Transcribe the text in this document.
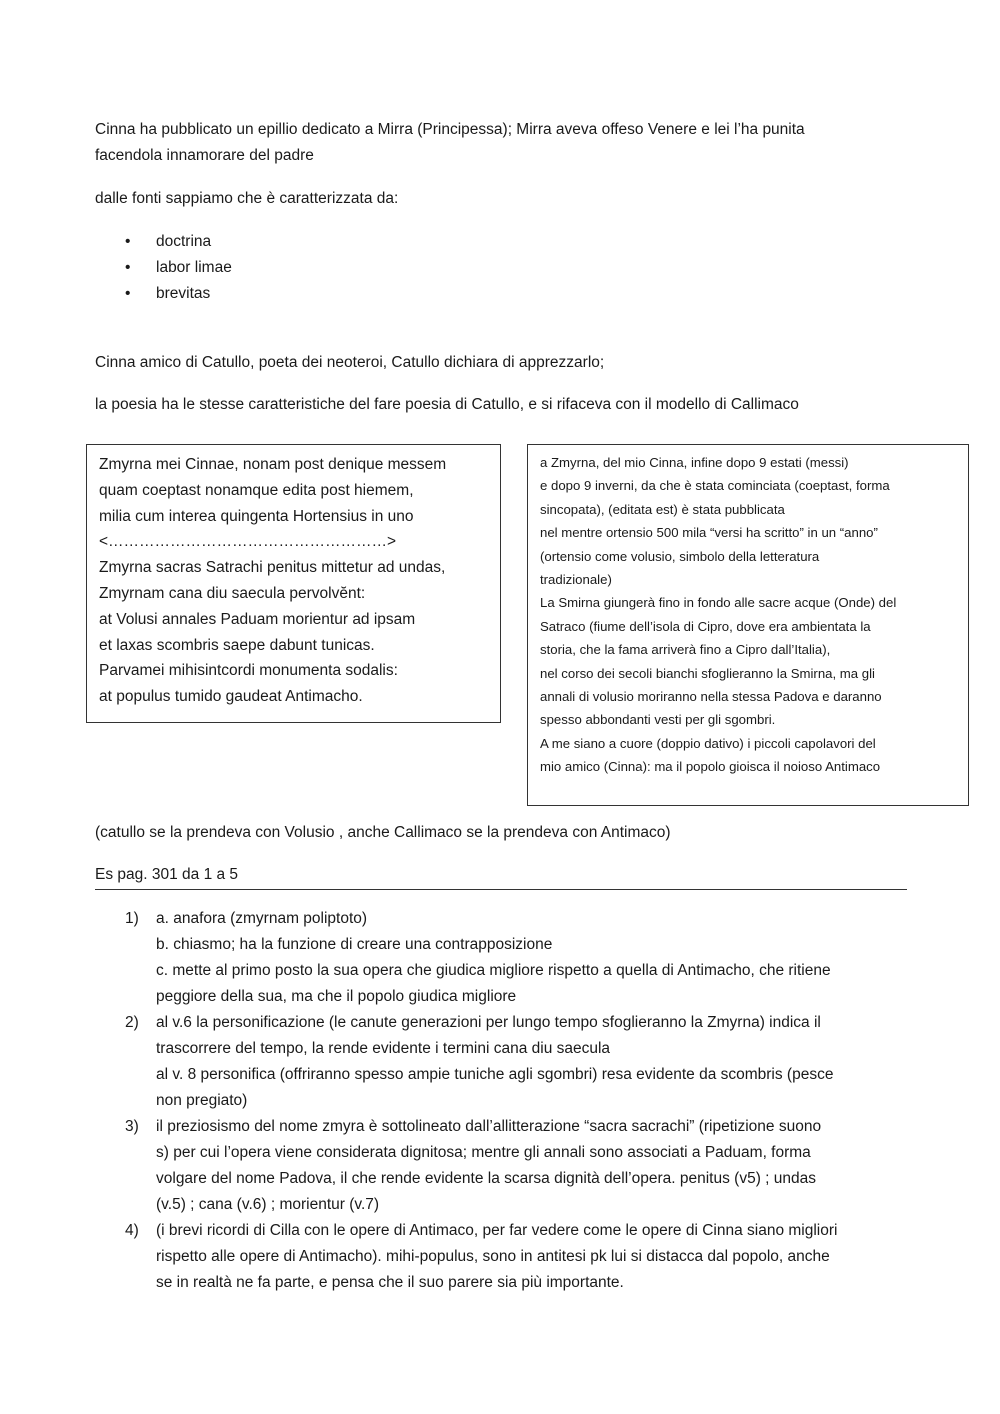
Cinna ha pubblicato un epillio dedicato a Mirra (Principessa); Mirra aveva offeso Venere e lei l’ha punita
facendola innamorare del padre

dalle fonti sappiamo che è caratterizzata da:

• doctrina
• labor limae
• brevitas

Cinna amico di Catullo, poeta dei neoteroi, Catullo dichiara di apprezzarlo;

la poesia ha le stesse caratteristiche del fare poesia di Catullo, e si rifaceva con il modello di Callimaco

Zmyrna mei Cinnae, nonam post denique messem
quam coeptast nonamque edita post hiemem,
milia cum interea quingenta Hortensius in uno
<………………………………………………>
Zmyrna sacras Satrachi penitus mittetur ad undas,
Zmyrnam cana diu saecula pervolvĕnt:
at Volusi annales Paduam morientur ad ipsam
et laxas scombris saepe dabunt tunicas.
Parvamei mihisintcordi monumenta sodalis:
at populus tumido gaudeat Antimacho.
a Zmyrna, del mio Cinna, infine dopo 9 estati (messi)
e dopo 9 inverni, da che è stata cominciata (coeptast, forma
sincopata), (editata est) è stata pubblicata
nel mentre ortensio 500 mila “versi ha scritto” in un “anno”
(ortensio come volusio, simbolo della letteratura
tradizionale)
La Smirna giungerà fino in fondo alle sacre acque (Onde) del
Satraco (fiume dell’isola di Cipro, dove era ambientata la
storia, che la fama arriverà fino a Cipro dall’Italia),
nel corso dei secoli bianchi sfoglieranno la Smirna, ma gli
annali di volusio moriranno nella stessa Padova e daranno
spesso abbondanti vesti per gli sgombri.
A me siano a cuore (doppio dativo) i piccoli capolavori del
mio amico (Cinna): ma il popolo gioisca il noioso Antimaco

(catullo se la prendeva con Volusio , anche Callimaco se la prendeva con Antimaco)

Es pag. 301 da 1 a 5

1) a. anafora (zmyrnam poliptoto)
b. chiasmo; ha la funzione di creare una contrapposizione
c. mette al primo posto la sua opera che giudica migliore rispetto a quella di Antimacho, che ritiene
peggiore della sua, ma che il popolo giudica migliore
2) al v.6 la personificazione (le canute generazioni per lungo tempo sfoglieranno la Zmyrna) indica il
trascorrere del tempo, la rende evidente i termini cana diu saecula
al v. 8 personifica (offriranno spesso ampie tuniche agli sgombri) resa evidente da scombris (pesce
non pregiato)
3) il preziosismo del nome zmyra è sottolineato dall’allitterazione “sacra sacrachi” (ripetizione suono
s) per cui l’opera viene considerata dignitosa; mentre gli annali sono associati a Paduam, forma
volgare del nome Padova, il che rende evidente la scarsa dignità dell’opera. penitus (v5) ; undas
(v.5) ; cana (v.6) ; morientur (v.7)
4) (i brevi ricordi di Cilla con le opere di Antimaco, per far vedere come le opere di Cinna siano migliori
rispetto alle opere di Antimacho). mihi-populus, sono in antitesi pk lui si distacca dal popolo, anche
se in realtà ne fa parte, e pensa che il suo parere sia più importante.
